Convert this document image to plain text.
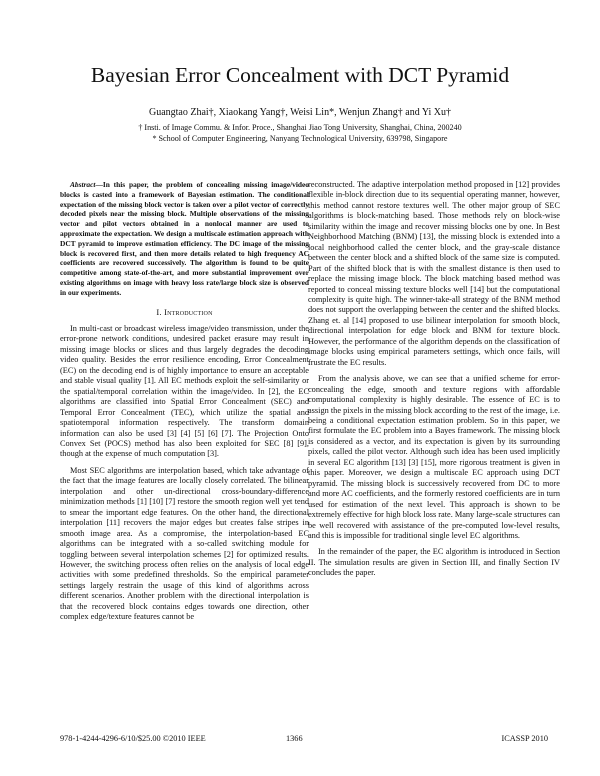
Bayesian Error Concealment with DCT Pyramid
Guangtao Zhai†, Xiaokang Yang†, Weisi Lin*, Wenjun Zhang† and Yi Xu†
† Insti. of Image Commu. & Infor. Proce., Shanghai Jiao Tong University, Shanghai, China, 200240
* School of Computer Engineering, Nanyang Technological University, 639798, Singapore

Abstract—In this paper, the problem of concealing missing image/video blocks is casted into a framework of Bayesian estimation. The conditional expectation of the missing block vector is taken over a pilot vector of correctly decoded pixels near the missing block. Multiple observations of the missing vector and pilot vectors obtained in a nonlocal manner are used to approximate the expectation. We design a multiscale estimation approach with DCT pyramid to improve estimation efficiency. The DC image of the missing block is recovered first, and then more details related to high frequency AC coefficients are recovered successively. The algorithm is found to be quite competitive among state-of-the-art, and more substantial improvement over existing algorithms on image with heavy loss rate/large block size is observed in our experiments.

I. Introduction

In multi-cast or broadcast wireless image/video transmission, under the error-prone network conditions, undesired packet erasure may result in missing image blocks or slices and thus largely degrades the decoding video quality. Besides the error resilience encoding, Error Concealment (EC) on the decoding end is of highly importance to ensure an acceptable and stable visual quality [1]. All EC methods exploit the self-similarity or the spatial/temporal correlation within the image/video. In [2], the EC algorithms are classified into Spatial Error Concealment (SEC) and Temporal Error Concealment (TEC), which utilize the spatial and spatiotemporal information respectively. The transform domain information can also be used [3] [4] [5] [6] [7]. The Projection Onto Convex Set (POCS) method has also been exploited for SEC [8] [9], though at the expense of much computation [3].

Most SEC algorithms are interpolation based, which take advantage of the fact that the image features are locally closely correlated. The bilinear interpolation and other un-directional cross-boundary-difference minimization methods [1] [10] [7] restore the smooth region well yet tend to smear the important edge features. On the other hand, the directional interpolation [11] recovers the major edges but creates false stripes in smooth image area. As a compromise, the interpolation-based EC algorithms can be integrated with a so-called switching module for toggling between several interpolation schemes [2] for optimized results. However, the switching process often relies on the analysis of local edge activities with some predefined thresholds. So the empirical parameter settings largely restrain the usage of this kind of algorithms across different scenarios. Another problem with the directional interpolation is that the recovered block contains edges towards one direction, other complex edge/texture features cannot be

reconstructed. The adaptive interpolation method proposed in [12] provides flexible in-block direction due to its sequential operating manner, however, this method cannot restore textures well. The other major group of SEC algorithms is block-matching based. Those methods rely on block-wise similarity within the image and recover missing blocks one by one. In Best Neighborhood Matching (BNM) [13], the missing block is extended into a local neighborhood called the center block, and the gray-scale distance between the center block and a shifted block of the same size is computed. Part of the shifted block that is with the smallest distance is then used to replace the missing image block. The block matching based method was reported to conceal missing texture blocks well [14] but the computational complexity is quite high. The winner-take-all strategy of the BNM method does not support the overlapping between the center and the shifted blocks. Zhang et. al [14] proposed to use bilinear interpolation for smooth block, directional interpolation for edge block and BNM for texture block. However, the performance of the algorithm depends on the classification of image blocks using empirical parameters settings, which once fails, will frustrate the EC results.

From the analysis above, we can see that a unified scheme for error-concealing the edge, smooth and texture regions with affordable computational complexity is highly desirable. The essence of EC is to assign the pixels in the missing block according to the rest of the image, i.e. being a conditional expectation estimation problem. So in this paper, we first formulate the EC problem into a Bayes framework. The missing block is considered as a vector, and its expectation is given by its surrounding pixels, called the pilot vector. Although such idea has been used implicitly in several EC algorithm [13] [3] [15], more rigorous treatment is given in this paper. Moreover, we design a multiscale EC approach using DCT pyramid. The missing block is successively recovered from DC to more and more AC coefficients, and the formerly restored coefficients are in turn used for estimation of the next level. This approach is shown to be extremely effective for high block loss rate. Many large-scale structures can be well recovered with assistance of the pre-computed low-level results, and this is impossible for traditional single level EC algorithms.

In the remainder of the paper, the EC algorithm is introduced in Section II. The simulation results are given in Section III, and finally Section IV concludes the paper.

978-1-4244-4296-6/10/$25.00 ©2010 IEEE	1366	ICASSP 2010
